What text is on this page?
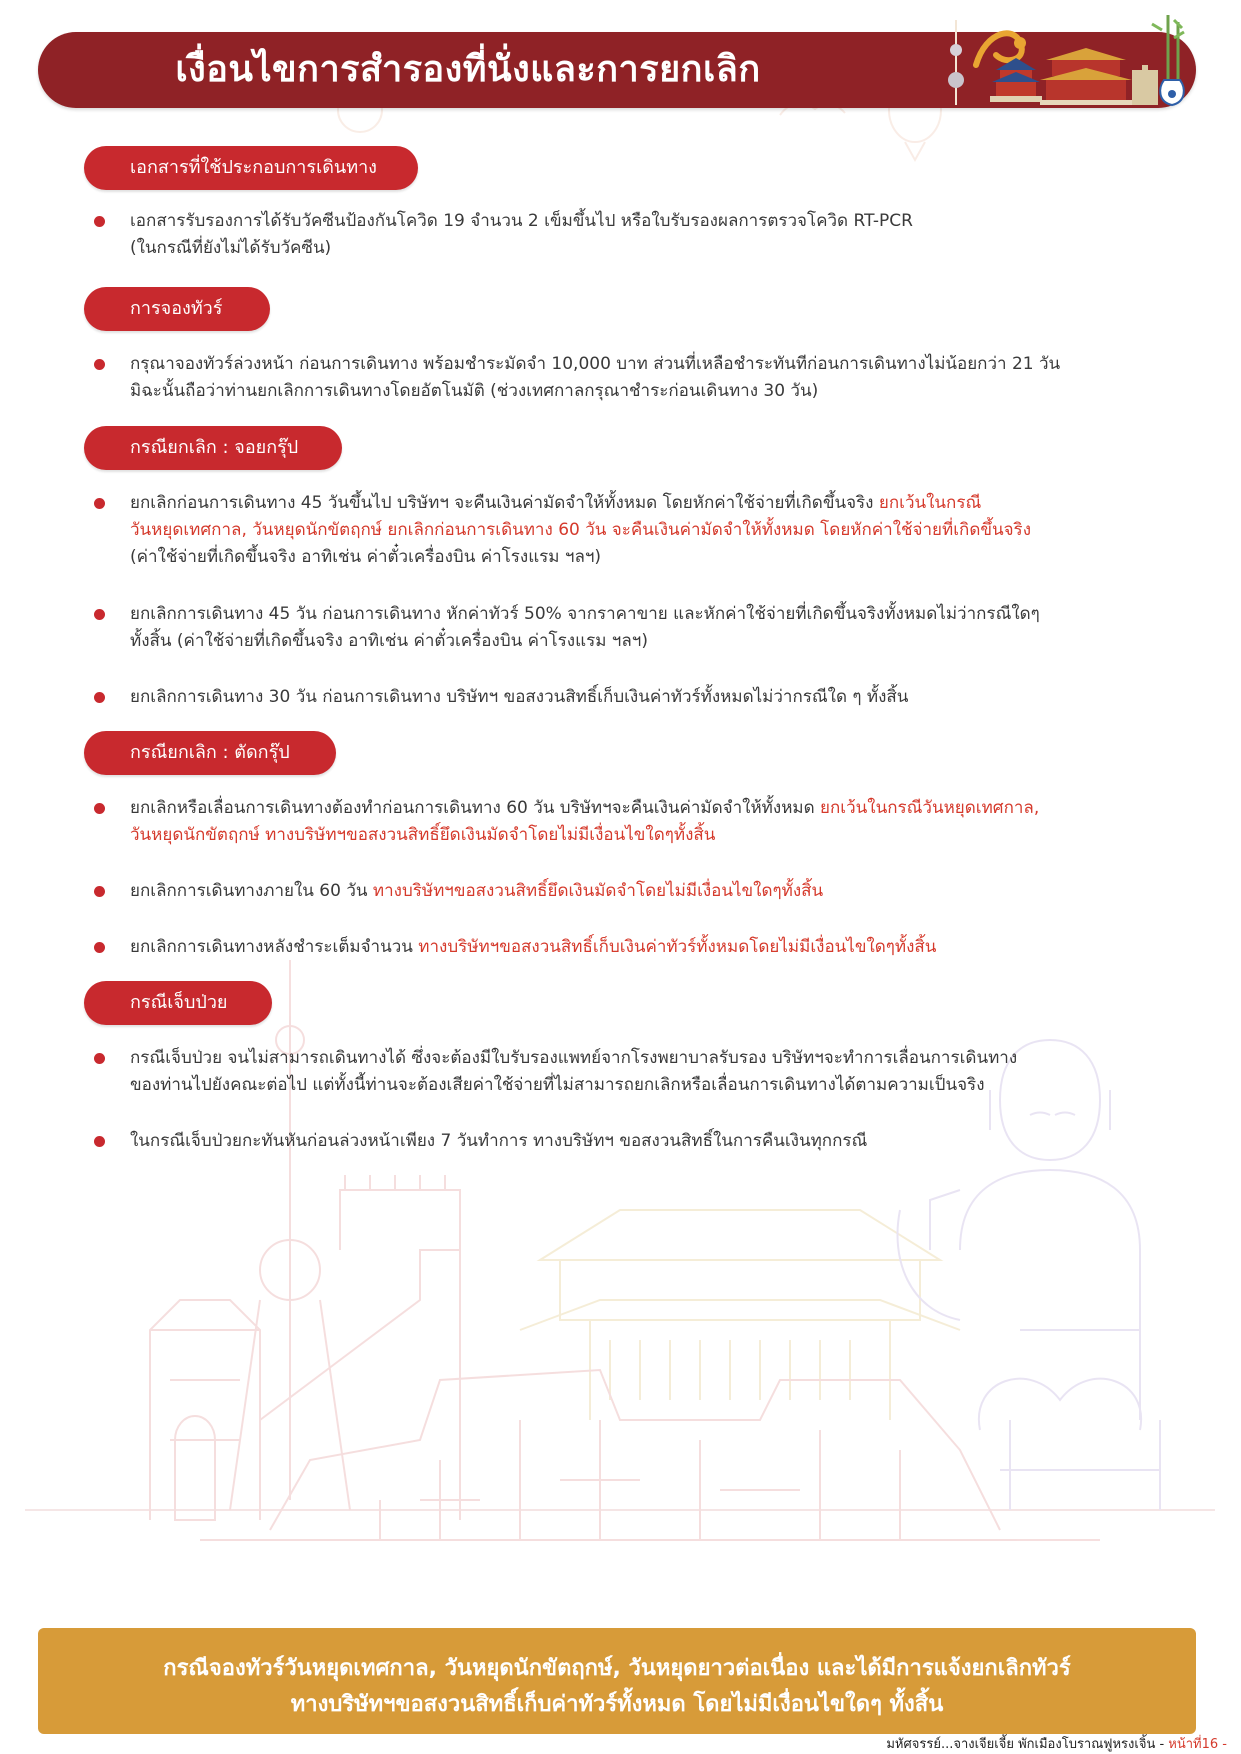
เงื่อนไขการสำรองที่นั่งและการยกเลิกทัวร์
เอกสารที่ใช้ประกอบการเดินทาง
เอกสารรับรองการได้รับวัคซีนป้องกันโควิด 19 จำนวน 2 เข็มขึ้นไป หรือใบรับรองผลการตรวจโควิด RT-PCR
(ในกรณีที่ยังไม่ได้รับวัคซีน)
การจองทัวร์
กรุณาจองทัวร์ล่วงหน้า ก่อนการเดินทาง พร้อมชำระมัดจำ 10,000 บาท ส่วนที่เหลือชำระทันทีก่อนการเดินทางไม่น้อยกว่า 21 วัน
มิฉะนั้นถือว่าท่านยกเลิกการเดินทางโดยอัตโนมัติ (ช่วงเทศกาลกรุณาชำระก่อนเดินทาง 30 วัน)
กรณียกเลิก : จอยกรุ๊ป
ยกเลิกก่อนการเดินทาง 45 วันขึ้นไป บริษัทฯ จะคืนเงินค่ามัดจำให้ทั้งหมด โดยหักค่าใช้จ่ายที่เกิดขึ้นจริง ยกเว้นในกรณี
วันหยุดเทศกาล, วันหยุดนักขัตฤกษ์ ยกเลิกก่อนการเดินทาง 60 วัน จะคืนเงินค่ามัดจำให้ทั้งหมด โดยหักค่าใช้จ่ายที่เกิดขึ้นจริง
(ค่าใช้จ่ายที่เกิดขึ้นจริง อาทิเช่น ค่าตั๋วเครื่องบิน ค่าโรงแรม ฯลฯ)
ยกเลิกการเดินทาง 45 วัน ก่อนการเดินทาง หักค่าทัวร์ 50% จากราคาขาย และหักค่าใช้จ่ายที่เกิดขึ้นจริงทั้งหมดไม่ว่ากรณีใดๆ
ทั้งสิ้น (ค่าใช้จ่ายที่เกิดขึ้นจริง อาทิเช่น ค่าตั๋วเครื่องบิน ค่าโรงแรม ฯลฯ)
ยกเลิกการเดินทาง 30 วัน ก่อนการเดินทาง บริษัทฯ ขอสงวนสิทธิ์เก็บเงินค่าทัวร์ทั้งหมดไม่ว่ากรณีใด ๆ ทั้งสิ้น
กรณียกเลิก : ตัดกรุ๊ป
ยกเลิกหรือเลื่อนการเดินทางต้องทำก่อนการเดินทาง 60 วัน บริษัทฯจะคืนเงินค่ามัดจำให้ทั้งหมด ยกเว้นในกรณีวันหยุดเทศกาล,
วันหยุดนักขัตฤกษ์ ทางบริษัทฯขอสงวนสิทธิ์ยึดเงินมัดจำโดยไม่มีเงื่อนไขใดๆทั้งสิ้น
ยกเลิกการเดินทางภายใน 60 วัน ทางบริษัทฯขอสงวนสิทธิ์ยึดเงินมัดจำโดยไม่มีเงื่อนไขใดๆทั้งสิ้น
ยกเลิกการเดินทางหลังชำระเต็มจำนวน ทางบริษัทฯขอสงวนสิทธิ์เก็บเงินค่าทัวร์ทั้งหมดโดยไม่มีเงื่อนไขใดๆทั้งสิ้น
กรณีเจ็บป่วย
กรณีเจ็บป่วย จนไม่สามารถเดินทางได้ ซึ่งจะต้องมีใบรับรองแพทย์จากโรงพยาบาลรับรอง บริษัทฯจะทำการเลื่อนการเดินทาง
ของท่านไปยังคณะต่อไป แต่ทั้งนี้ท่านจะต้องเสียค่าใช้จ่ายที่ไม่สามารถยกเลิกหรือเลื่อนการเดินทางได้ตามความเป็นจริง
ในกรณีเจ็บป่วยกะทันหันก่อนล่วงหน้าเพียง 7 วันทำการ ทางบริษัทฯ ขอสงวนสิทธิ์ในการคืนเงินทุกกรณี
กรณีจองทัวร์วันหยุดเทศกาล, วันหยุดนักขัตฤกษ์, วันหยุดยาวต่อเนื่อง และได้มีการแจ้งยกเลิกทัวร์
ทางบริษัทฯขอสงวนสิทธิ์เก็บค่าทัวร์ทั้งหมด โดยไม่มีเงื่อนไขใดๆ ทั้งสิ้น
มหัศจรรย์...จางเจียเจี้ย พักเมืองโบราณฟูหรงเจิ้น - หน้าที่16 -
